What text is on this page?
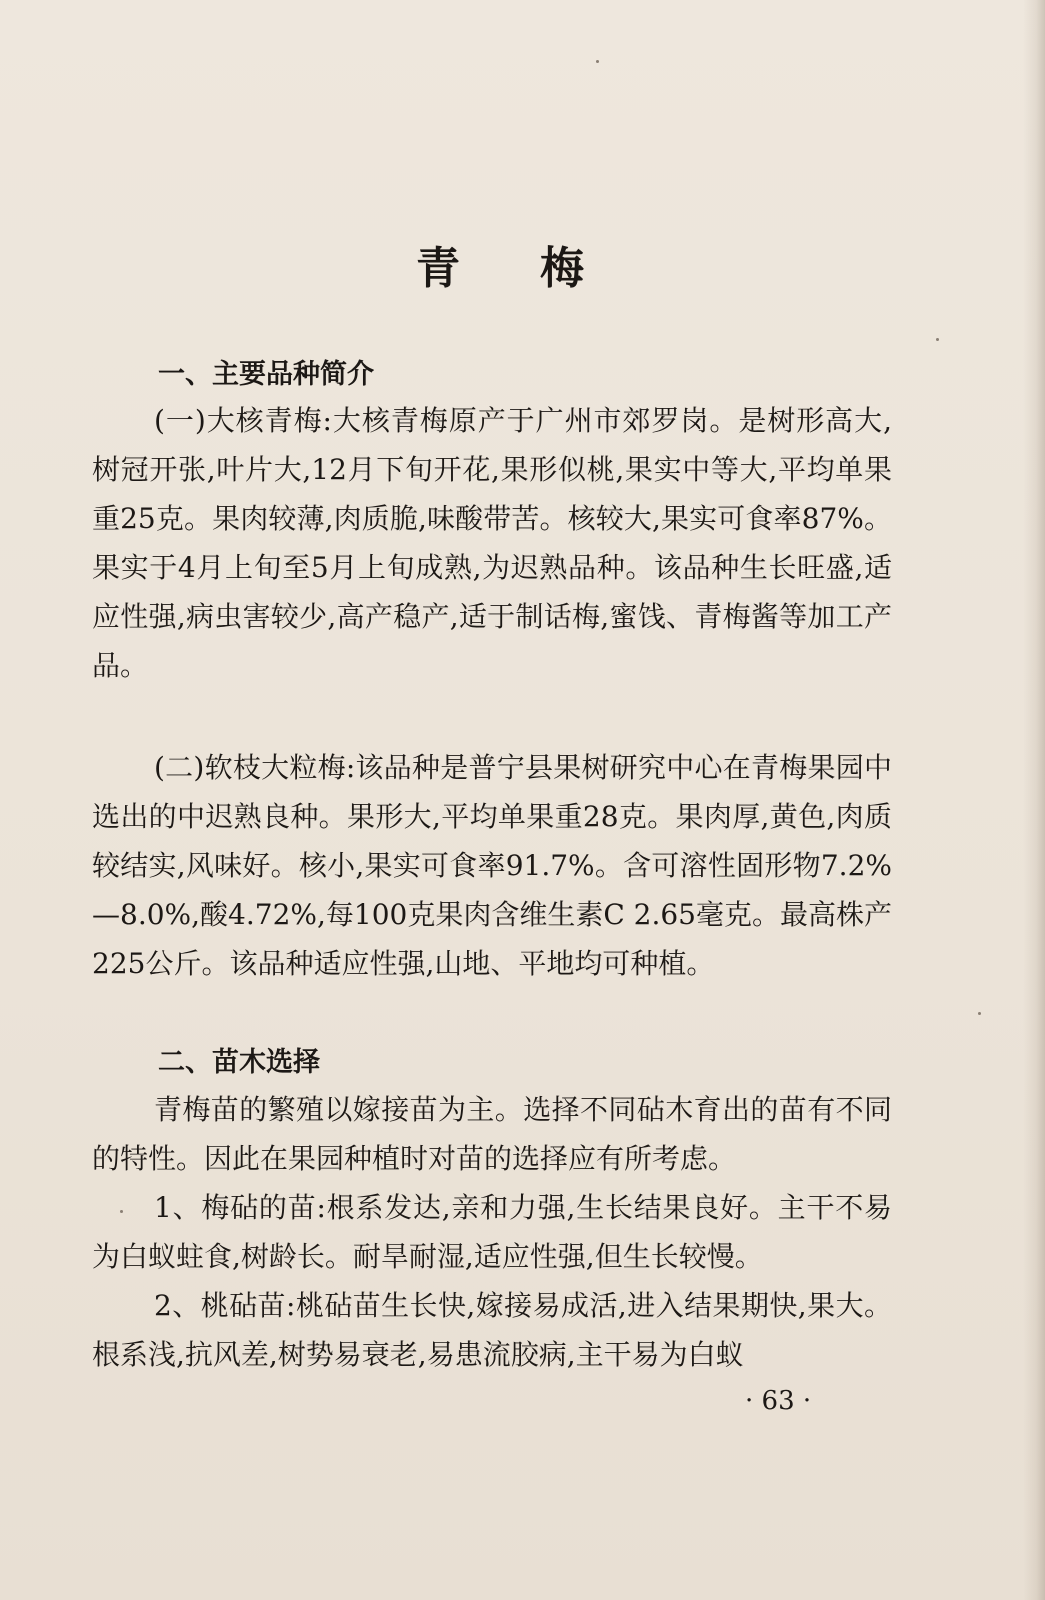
青梅
一、主要品种简介

(一)大核青梅:大核青梅原产于广州市郊罗岗。是树形高大,树冠开张,叶片大,12月下旬开花,果形似桃,果实中等大,平均单果重25克。果肉较薄,肉质脆,味酸带苦。核较大,果实可食率87%。果实于4月上旬至5月上旬成熟,为迟熟品种。该品种生长旺盛,适应性强,病虫害较少,高产稳产,适于制话梅,蜜饯、青梅酱等加工产品。

(二)软枝大粒梅:该品种是普宁县果树研究中心在青梅果园中选出的中迟熟良种。果形大,平均单果重28克。果肉厚,黄色,肉质较结实,风味好。核小,果实可食率91.7%。含可溶性固形物7.2%—8.0%,酸4.72%,每100克果肉含维生素C 2.65毫克。最高株产225公斤。该品种适应性强,山地、平地均可种植。

二、苗木选择

青梅苗的繁殖以嫁接苗为主。选择不同砧木育出的苗有不同的特性。因此在果园种植时对苗的选择应有所考虑。

1、梅砧的苗:根系发达,亲和力强,生长结果良好。主干不易为白蚁蛀食,树龄长。耐旱耐湿,适应性强,但生长较慢。

2、桃砧苗:桃砧苗生长快,嫁接易成活,进入结果期快,果大。根系浅,抗风差,树势易衰老,易患流胶病,主干易为白蚁

· 63 ·
